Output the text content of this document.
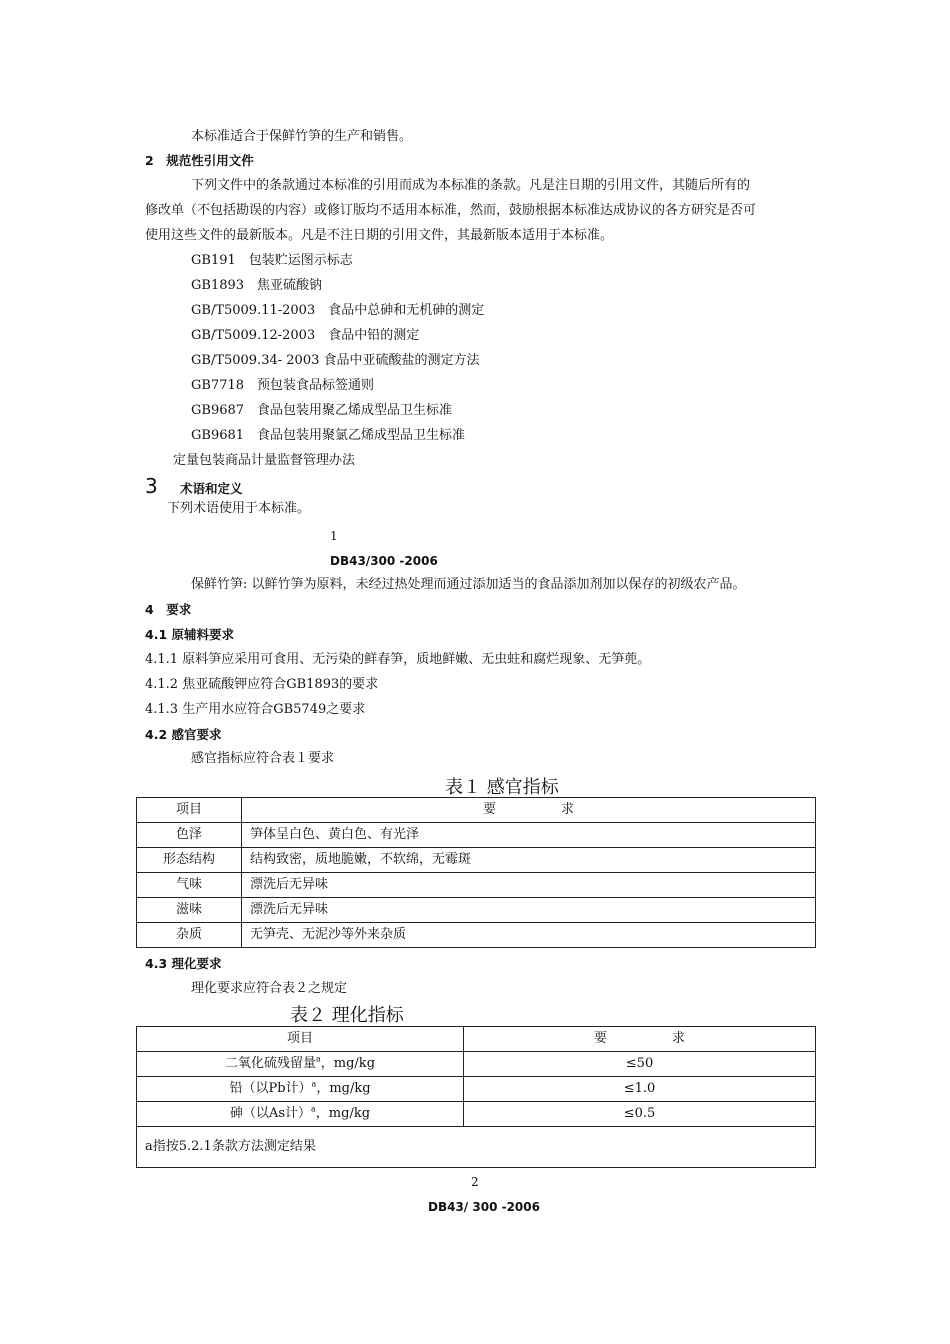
本标准适合于保鲜竹笋的生产和销售。
2　规范性引用文件
下列文件中的条款通过本标准的引用而成为本标准的条款。凡是注日期的引用文件，其随后所有的
修改单（不包括勘误的内容）或修订版均不适用本标准，然而，鼓励根据本标准达成协议的各方研究是否可
使用这些文件的最新版本。凡是不注日期的引用文件，其最新版本适用于本标准。
GB191　包装贮运图示标志
GB1893　焦亚硫酸钠
GB/T5009.11-2003　食品中总砷和无机砷的测定
GB/T5009.12-2003　食品中铅的测定
GB/T5009.34- 2003 食品中亚硫酸盐的测定方法
GB7718　预包装食品标签通则
GB9687　食品包装用聚乙烯成型品卫生标准
GB9681　食品包装用聚氯乙烯成型品卫生标准
定量包装商品计量监督管理办法
3 术语和定义
下列术语使用于本标准。
1
DB43/300 -2006
保鲜竹笋: 以鲜竹笋为原料，未经过热处理而通过添加适当的食品添加剂加以保存的初级农产品。
4　要求
4.1 原辅料要求
4.1.1 原料笋应采用可食用、无污染的鲜春笋，质地鲜嫩、无虫蛀和腐烂现象、无笋蔸。
4.1.2 焦亚硫酸钾应符合GB1893的要求
4.1.3 生产用水应符合GB5749之要求
4.2 感官要求
感官指标应符合表１要求
表１ 感官指标
项目	要　　　　　求
色泽	笋体呈白色、黄白色、有光泽
形态结构	结构致密，质地脆嫩，不软绵，无霉斑
气味	漂洗后无异味
滋味	漂洗后无异味
杂质	无笋壳、无泥沙等外来杂质
4.3 理化要求
理化要求应符合表２之规定
表２ 理化指标
项目	要　　　　　求
二氧化硫残留量$^a$，mg/kg	≤50
铅（以Pb计）$^a$，mg/kg	≤1.0
砷（以As计）$^a$，mg/kg	≤0.5
a指按5.2.1条款方法测定结果	
2
DB43/ 300 -2006
